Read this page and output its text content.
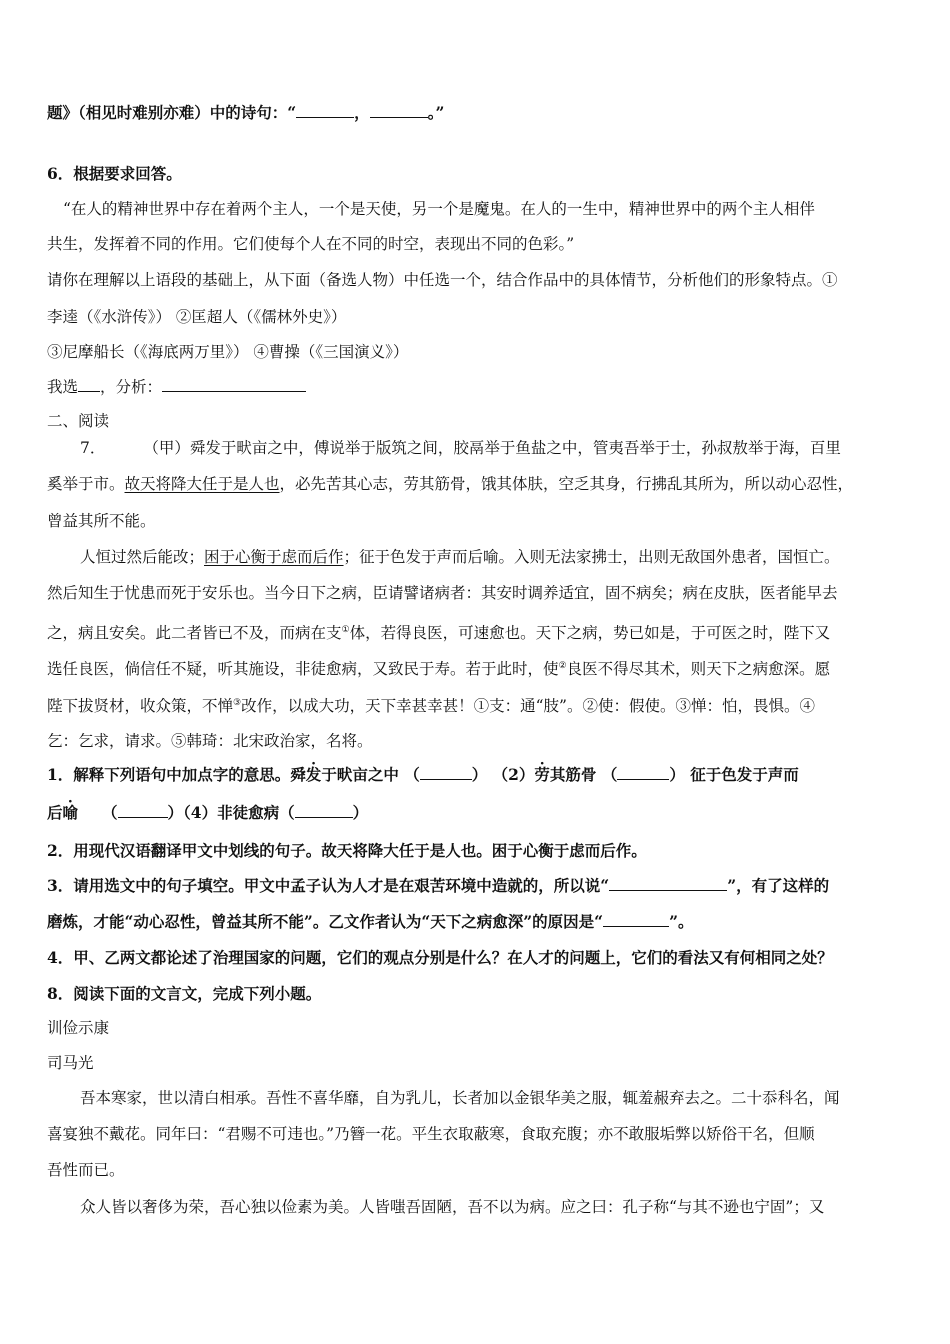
题》（相见时难别亦难）中的诗句：“	，	。”
6．根据要求回答。
“在人的精神世界中存在着两个主人，一个是天使，另一个是魔鬼。在人的一生中，精神世界中的两个主人相伴
共生，发挥着不同的作用。它们使每个人在不同的时空，表现出不同的色彩。”
请你在理解以上语段的基础上，从下面（备选人物）中任选一个，结合作品中的具体情节，分析他们的形象特点。①
李逵（《水浒传》） ②匡超人（《儒林外史》）
③尼摩船长（《海底两万里》） ④曹操（《三国演义》）
我选 ，分析：
二、阅读
7． （甲）舜发于畎亩之中，傅说举于版筑之间，胶鬲举于鱼盐之中，管夷吾举于士，孙叔敖举于海，百里
奚举于市。故天将降大任于是人也，必先苦其心志，劳其筋骨，饿其体肤，空乏其身，行拂乱其所为，所以动心忍性，
曾益其所不能。
人恒过然后能改；困于心衡于虑而后作；征于色发于声而后喻。入则无法家拂士，出则无敌国外患者，国恒亡。
然后知生于忧患而死于安乐也。当今日下之病，臣请譬诸病者：其安时调养适宜，固不病矣；病在皮肤，医者能早去
之，病且安矣。此二者皆已不及，而病在支①体，若得良医，可速愈也。天下之病，势已如是，于可医之时，陛下又
选任良医，倘信任不疑，听其施设，非徒愈病，又致民于寿。若于此时，使②良医不得尽其术，则天下之病愈深。愿
陛下拔贤材，收众策，不惮③改作，以成大功，天下幸甚幸甚！①支：通“肢”。②使：假使。③惮：怕，畏惧。④
乞：乞求，请求。⑤韩琦：北宋政治家，名将。
1．解释下列语句中加点字的意思。舜发于畎亩之中 （	） （2）劳其筋骨 （	） 征于色发于声而
后喻 （	）（4）非徒愈病（	）
2．用现代汉语翻译甲文中划线的句子。故天将降大任于是人也。困于心衡于虑而后作。
3．请用选文中的句子填空。甲文中孟子认为人才是在艰苦环境中造就的，所以说“	”，有了这样的
磨炼，才能“动心忍性，曾益其所不能”。乙文作者认为“天下之病愈深”的原因是“	”。
4．甲、乙两文都论述了治理国家的问题，它们的观点分别是什么？在人才的问题上，它们的看法又有何相同之处？
8．阅读下面的文言文，完成下列小题。
训俭示康
司马光
吾本寒家，世以清白相承。吾性不喜华靡，自为乳儿，长者加以金银华美之服，辄羞赧弃去之。二十忝科名，闻
喜宴独不戴花。同年曰：“君赐不可违也。”乃簪一花。平生衣取蔽寒，食取充腹；亦不敢服垢弊以矫俗干名，但顺
吾性而已。
众人皆以奢侈为荣，吾心独以俭素为美。人皆嗤吾固陋，吾不以为病。应之曰：孔子称“与其不逊也宁固”；又
